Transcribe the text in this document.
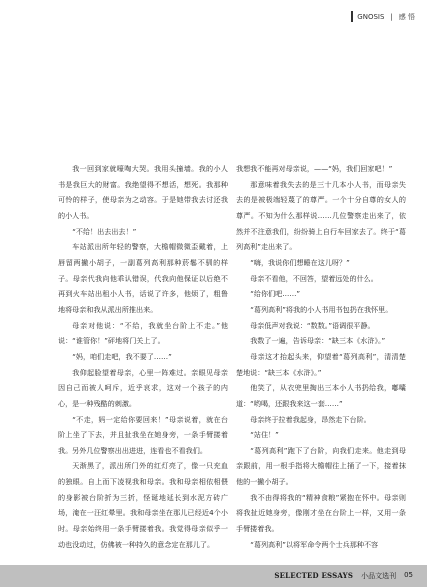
GNOSIS | 感 悟

我一回到家就嚎啕大哭。我用头撞墙。我的小人书是我巨大的财富。我绝望得不想活，想死。我那种可怜的样子，使母亲为之动容。于是她带我去讨还我的小人书。

“不给！出去出去！”

车站派出所年轻的警察，大檐帽微微歪戴着，上唇留两撇小胡子，一副葛列高利那种菸鬈不驯的样子。母亲代我向他乖认错误，代我向他保证以后绝不再到火车站出租小人书，话说了许多，他烦了，粗鲁地将母亲和我从派出所推出来。

母亲对他说：“不给，我就坐台阶上不走。”他说：“谁管你！”砰地将门关上了。

“妈，咱们走吧，我不要了……”

我仰起脸望着母亲，心里一阵难过。亲眼见母亲因自己而被人呵斥，近乎哀求，这对一个孩子的内心，是一种残酷的刺激。

“不走，妈一定给你要回来！”母亲说着，就在台阶上坐了下去，并且扯我坐在她身旁，一条手臂搂着我。另外几位警察出出进进，连看也不看我们。

天渐黑了，派出所门外的红灯亮了，像一只充血的独眼。自上而下凌视我和母亲。我和母亲相依相偎的身影被台阶折为三折，怪诞地延长到水泥方砖广场，淹在一汪红晕里。我和母亲坐在那儿已经近4个小时。母亲始终用一条手臂搂着我。我觉得母亲似乎一动也没动过，仿佛被一种持久的意念定在那儿了。

我想我不能再对母亲说，——“妈，我们回家吧！”

那意味着我失去的是三十几本小人书，而母亲失去的是被极端轻蔑了的尊严。一个十分自尊的女人的尊严。不知为什么那样说……几位警察走出来了，依然并不注意我们，纷纷骑上自行车回家去了。终于“葛列高利”走出来了。

“嗨，我说你们想睡在这儿呀？”

母亲不看他，不回答，望着远处的什么。

“给你们吧……”

“葛列高利”将我的小人书用书包扔在我怀里。

母亲低声对我说：“数数。”语调很平静。

我数了一遍，告诉母亲：“缺三本《水浒》。”

母亲这才抬起头来，仰望着“葛列高利”，清清楚楚地说：“缺三本《水浒》。”

他笑了，从衣兜里掏出三本小人书扔给我，嘟囔道：“哟喝，还跟我来这一套……”

母亲终于拉着我起身，昂然走下台阶。

“站住！”

“葛列高利”跑下了台阶，向我们走来。他走到母亲跟前，用一根手指将大檐帽往上捅了一下，接着抹他的一撇小胡子。

我不由得将我的“精神食粮”紧抱在怀中。母亲则将我扯近她身旁，像刚才坐在台阶上一样，又用一条手臂搂着我。

“葛列高利”以将军命令两个士兵那种不容

SELECTED ESSAYS 小品文选刊 05
